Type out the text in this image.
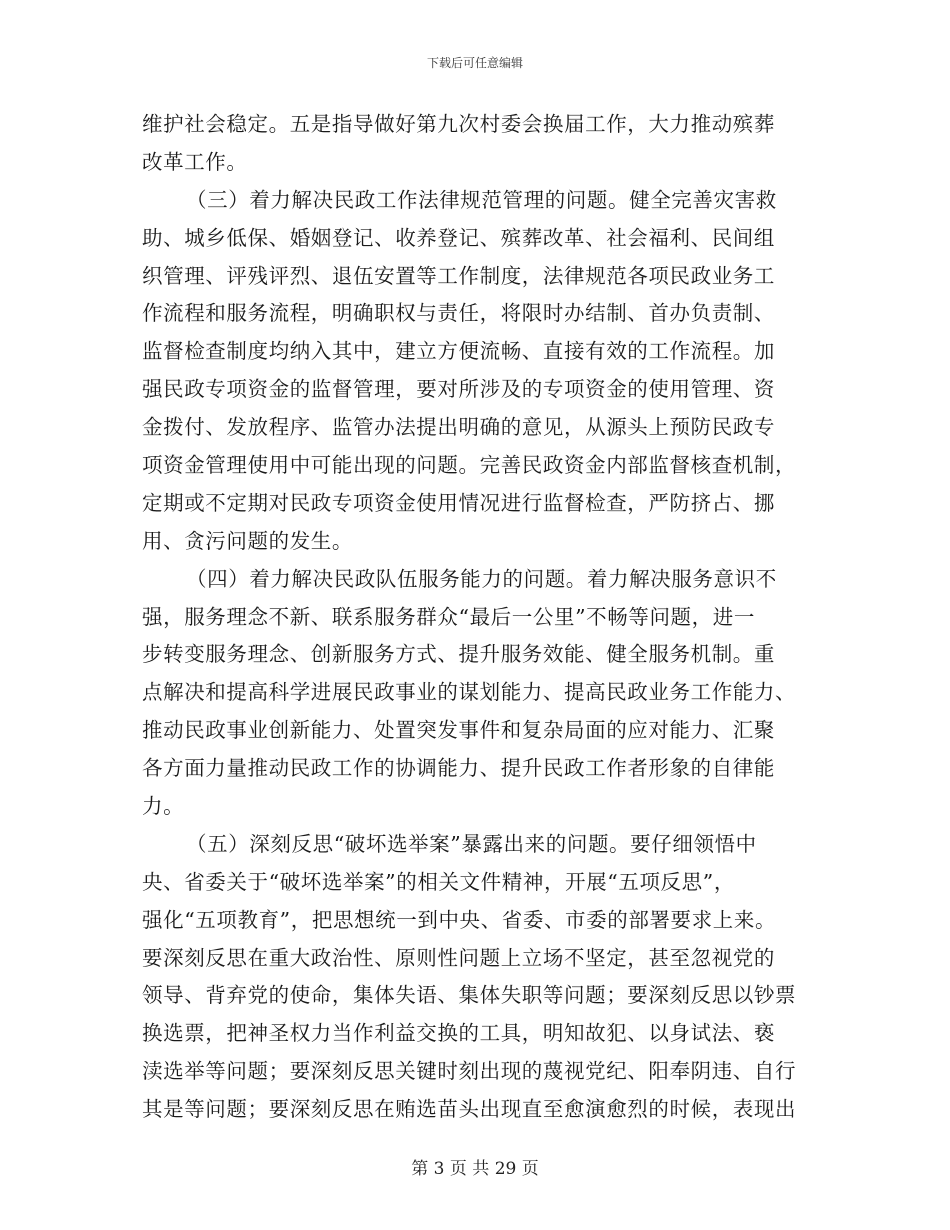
下载后可任意编辑
维护社会稳定。五是指导做好第九次村委会换届工作，大力推动殡葬
改革工作。
（三）着力解决民政工作法律规范管理的问题。健全完善灾害救
助、城乡低保、婚姻登记、收养登记、殡葬改革、社会福利、民间组
织管理、评残评烈、退伍安置等工作制度，法律规范各项民政业务工
作流程和服务流程，明确职权与责任，将限时办结制、首办负责制、
监督检查制度均纳入其中，建立方便流畅、直接有效的工作流程。加
强民政专项资金的监督管理，要对所涉及的专项资金的使用管理、资
金拨付、发放程序、监管办法提出明确的意见，从源头上预防民政专
项资金管理使用中可能出现的问题。完善民政资金内部监督核查机制，
定期或不定期对民政专项资金使用情况进行监督检查，严防挤占、挪
用、贪污问题的发生。
（四）着力解决民政队伍服务能力的问题。着力解决服务意识不
强，服务理念不新、联系服务群众“最后一公里”不畅等问题，进一
步转变服务理念、创新服务方式、提升服务效能、健全服务机制。重
点解决和提高科学进展民政事业的谋划能力、提高民政业务工作能力、
推动民政事业创新能力、处置突发事件和复杂局面的应对能力、汇聚
各方面力量推动民政工作的协调能力、提升民政工作者形象的自律能
力。
（五）深刻反思“破坏选举案”暴露出来的问题。要仔细领悟中
央、省委关于“破坏选举案”的相关文件精神，开展“五项反思”，
强化“五项教育”，把思想统一到中央、省委、市委的部署要求上来。
要深刻反思在重大政治性、原则性问题上立场不坚定，甚至忽视党的
领导、背弃党的使命，集体失语、集体失职等问题；要深刻反思以钞票
换选票，把神圣权力当作利益交换的工具，明知故犯、以身试法、亵
渎选举等问题；要深刻反思关键时刻出现的蔑视党纪、阳奉阴违、自行
其是等问题；要深刻反思在贿选苗头出现直至愈演愈烈的时候，表现出
第 3 页 共 29 页
